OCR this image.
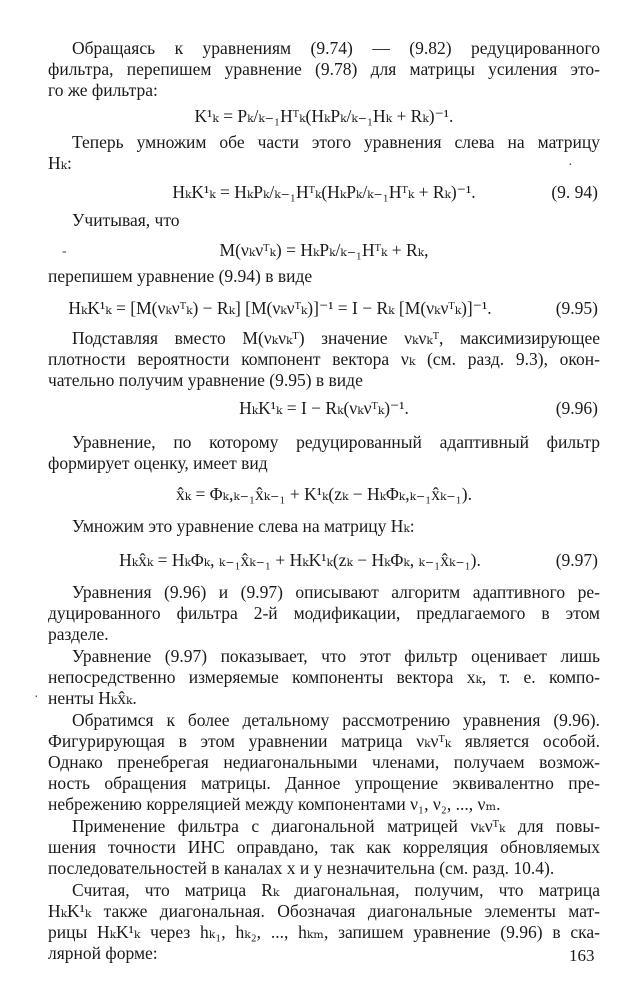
Обращаясь к уравнениям (9.74) — (9.82) редуцированного
фильтра, перепишем уравнение (9.78) для матрицы усиления это-
го же фильтра:
K¹ₖ = Pₖ/ₖ₋₁Hᵀₖ(HₖPₖ/ₖ₋₁Hₖ + Rₖ)⁻¹.
Теперь умножим обе части этого уравнения слева на матрицу
Hₖ:	·
HₖK¹ₖ = HₖPₖ/ₖ₋₁Hᵀₖ(HₖPₖ/ₖ₋₁Hᵀₖ + Rₖ)⁻¹.	(9. 94)
Учитывая, что
-	M(νₖνᵀₖ) = HₖPₖ/ₖ₋₁Hᵀₖ + Rₖ,
перепишем уравнение (9.94) в виде
HₖK¹ₖ = [M(νₖνᵀₖ) − Rₖ] [M(νₖνᵀₖ)]⁻¹ = I − Rₖ [M(νₖνᵀₖ)]⁻¹.	(9.95)
Подставляя вместо M(νₖνₖᵀ) значение νₖνₖᵀ, максимизирующее
плотности вероятности компонент вектора νₖ (см. разд. 9.3), окон-
чательно получим уравнение (9.95) в виде
HₖK¹ₖ = I − Rₖ(νₖνᵀₖ)⁻¹.	(9.96)
Уравнение, по которому редуцированный адаптивный фильтр
формирует оценку, имеет вид
x̂ₖ = Φₖ,ₖ₋₁x̂ₖ₋₁ + K¹ₖ(zₖ − HₖΦₖ,ₖ₋₁x̂ₖ₋₁).
Умножим это уравнение слева на матрицу Hₖ:
Hₖx̂ₖ = HₖΦₖ, ₖ₋₁x̂ₖ₋₁ + HₖK¹ₖ(zₖ − HₖΦₖ, ₖ₋₁x̂ₖ₋₁).	(9.97)
Уравнения (9.96) и (9.97) описывают алгоритм адаптивного ре-
дуцированного фильтра 2-й модификации, предлагаемого в этом
разделе.
Уравнение (9.97) показывает, что этот фильтр оценивает лишь
непосредственно измеряемые компоненты вектора xₖ, т. е. компо-
· ненты Hₖx̂ₖ.
Обратимся к более детальному рассмотрению уравнения (9.96).
Фигурирующая в этом уравнении матрица νₖνᵀₖ является особой.
Однако пренебрегая недиагональными членами, получаем возмож-
ность обращения матрицы. Данное упрощение эквивалентно пре-
небрежению корреляцией между компонентами ν₁, ν₂, ..., νₘ.
Применение фильтра с диагональной матрицей νₖνᵀₖ для повы-
шения точности ИНС оправдано, так как корреляция обновляемых
последовательностей в каналах x и y незначительна (см. разд. 10.4).
Считая, что матрица Rₖ диагональная, получим, что матрица
HₖK¹ₖ также диагональная. Обозначая диагональные элементы мат-
рицы HₖK¹ₖ через hₖ₁, hₖ₂, ..., hₖₘ, запишем уравнение (9.96) в ска-
лярной форме:	163
